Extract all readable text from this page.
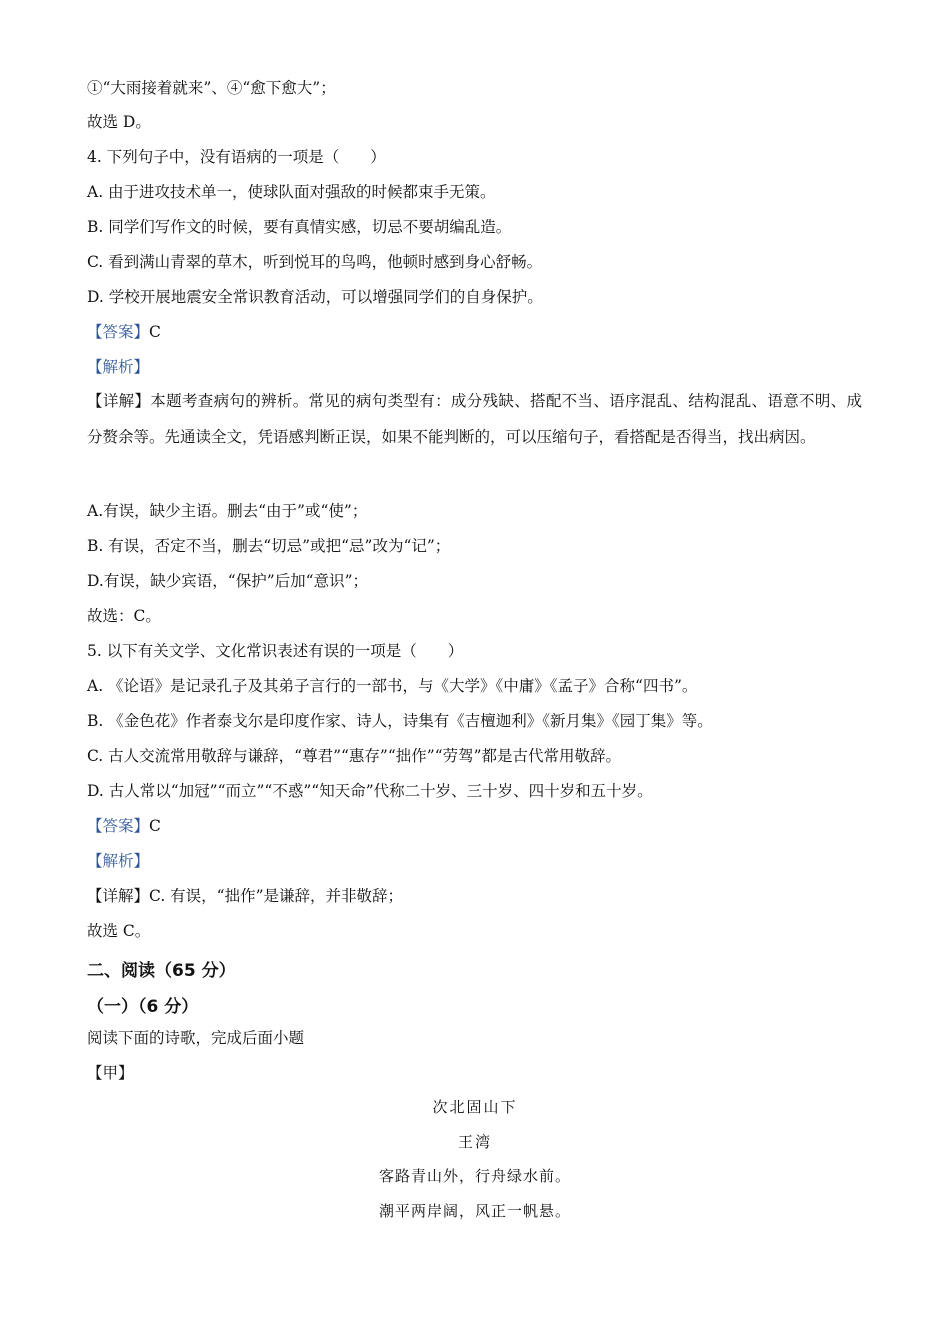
①“大雨接着就来”、④“愈下愈大”；
故选 D。
4. 下列句子中，没有语病的一项是（　　）
A. 由于进攻技术单一，使球队面对强敌的时候都束手无策。
B. 同学们写作文的时候，要有真情实感，切忌不要胡编乱造。
C. 看到满山青翠的草木，听到悦耳的鸟鸣，他顿时感到身心舒畅。
D. 学校开展地震安全常识教育活动，可以增强同学们的自身保护。
【答案】C
【解析】
【详解】本题考查病句的辨析。常见的病句类型有：成分残缺、搭配不当、语序混乱、结构混乱、语意不明、成分赘余等。先通读全文，凭语感判断正误，如果不能判断的，可以压缩句子，看搭配是否得当，找出病因。
A.有误，缺少主语。删去“由于”或“使”；
B. 有误，否定不当，删去“切忌”或把“忌”改为“记”；
D.有误，缺少宾语，“保护”后加“意识”；
故选：C。
5. 以下有关文学、文化常识表述有误的一项是（　　）
A. 《论语》是记录孔子及其弟子言行的一部书，与《大学》《中庸》《孟子》合称“四书”。
B. 《金色花》作者泰戈尔是印度作家、诗人，诗集有《吉檀迦利》《新月集》《园丁集》等。
C. 古人交流常用敬辞与谦辞，“尊君”“惠存”“拙作”“劳驾”都是古代常用敬辞。
D. 古人常以“加冠”“而立”“不惑”“知天命”代称二十岁、三十岁、四十岁和五十岁。
【答案】C
【解析】
【详解】C. 有误，“拙作”是谦辞，并非敬辞；
故选 C。
二、阅读（65 分）
（一）（6 分）
阅读下面的诗歌，完成后面小题
【甲】
次北固山下
王湾
客路青山外，行舟绿水前。
潮平两岸阔，风正一帆悬。
